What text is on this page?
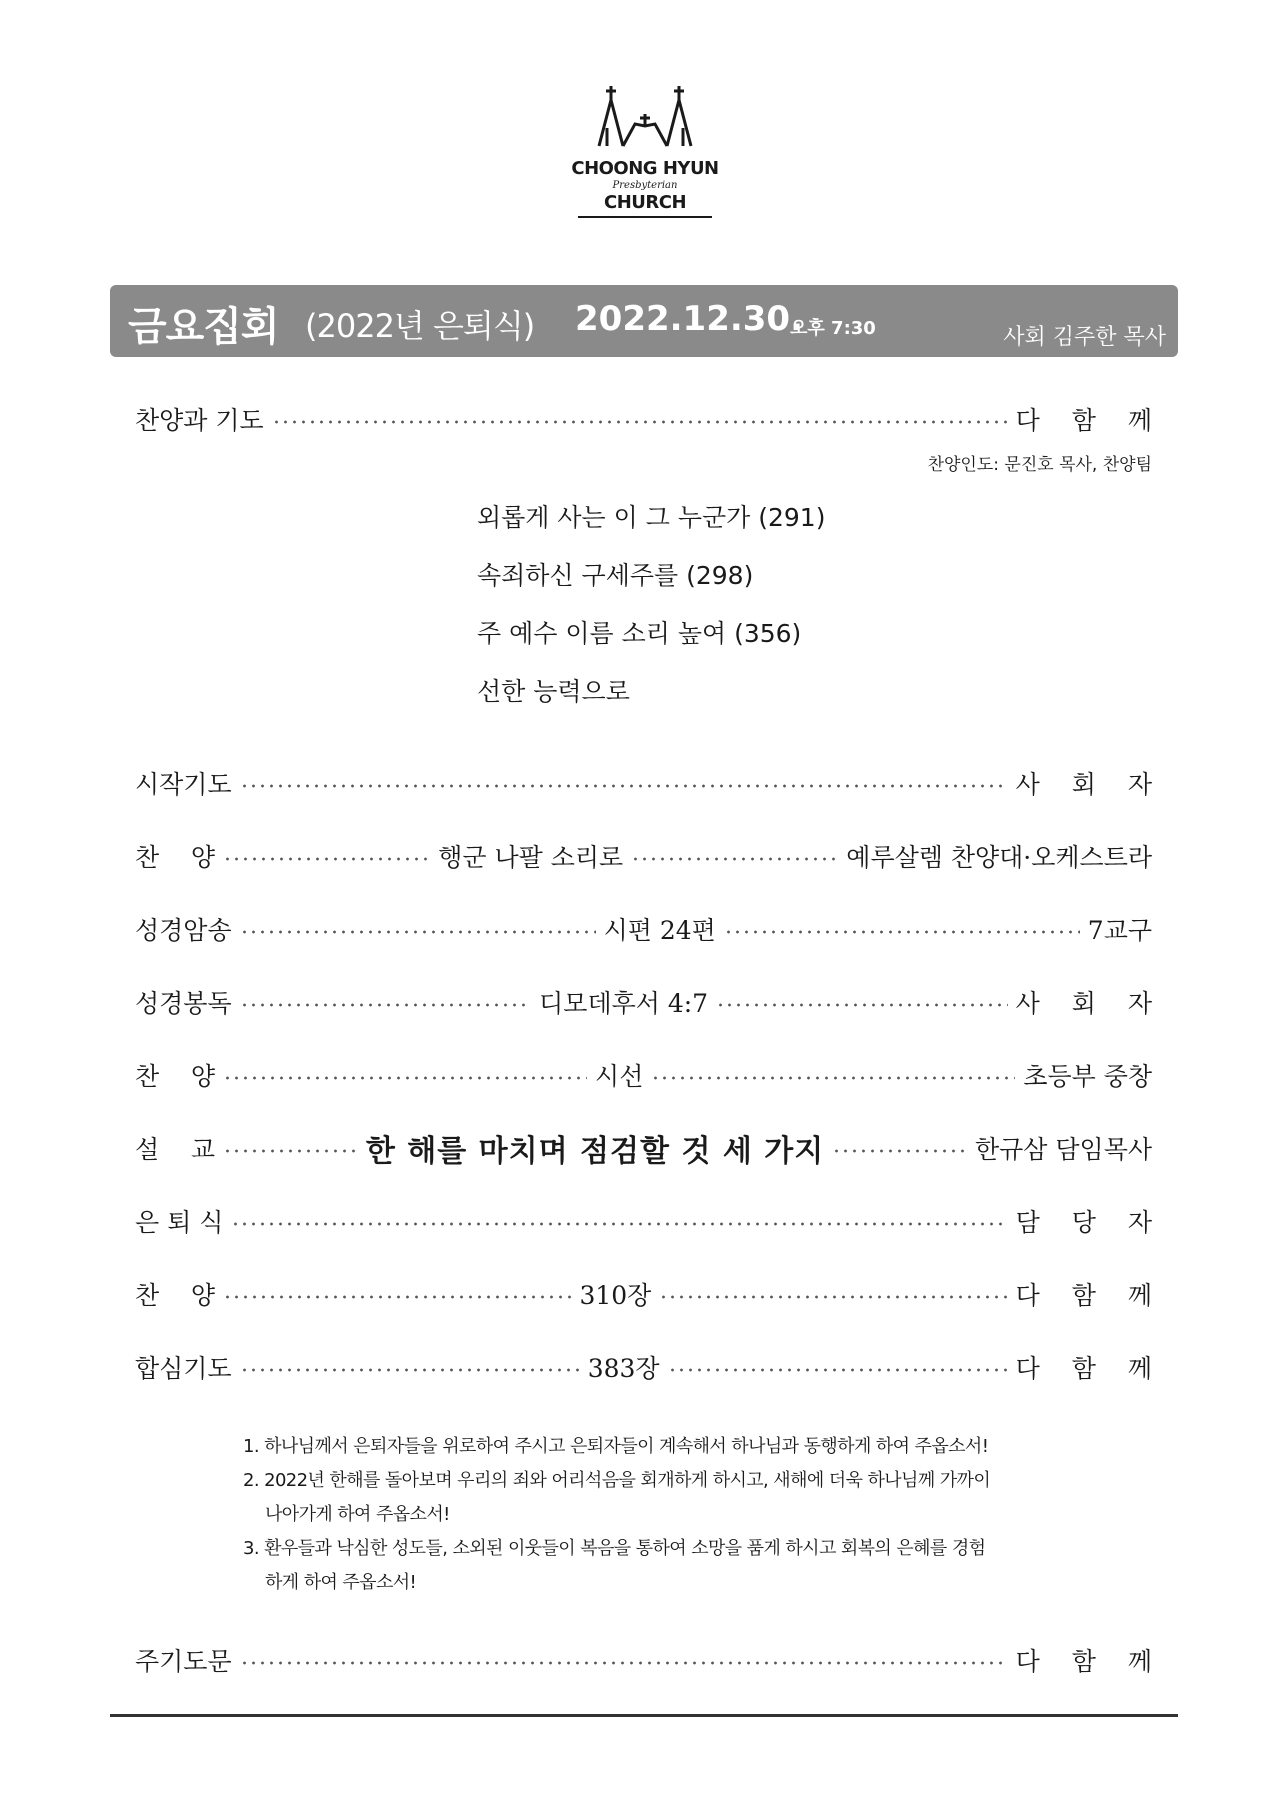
CHOONG HYUN
Presbyterian
CHURCH
금요집회 (2022년 은퇴식) 2022.12.30.
오후 7:30	사회 김주한 목사
찬양과 기도	다 함 께
찬양인도: 문진호 목사, 찬양팀
외롭게 사는 이 그 누군가 (291)
속죄하신 구세주를 (298)
주 예수 이름 소리 높여 (356)
선한 능력으로
시작기도	사 회 자
찬    양	행군 나팔 소리로	예루살렘 찬양대·오케스트라
성경암송	시편 24편	7교구
성경봉독	디모데후서 4:7	사 회 자
찬    양	시선	초등부 중창
설    교	한 해를 마치며 점검할 것 세 가지	한규삼 담임목사
은 퇴 식	담 당 자
찬    양	310장	다 함 께
합심기도	383장	다 함 께
1. 하나님께서 은퇴자들을 위로하여 주시고 은퇴자들이 계속해서 하나님과 동행하게 하여 주옵소서!
2. 2022년 한해를 돌아보며 우리의 죄와 어리석음을 회개하게 하시고, 새해에 더욱 하나님께 가까이
나아가게 하여 주옵소서!
3. 환우들과 낙심한 성도들, 소외된 이웃들이 복음을 통하여 소망을 품게 하시고 회복의 은혜를 경험
하게 하여 주옵소서!
주기도문	다 함 께
